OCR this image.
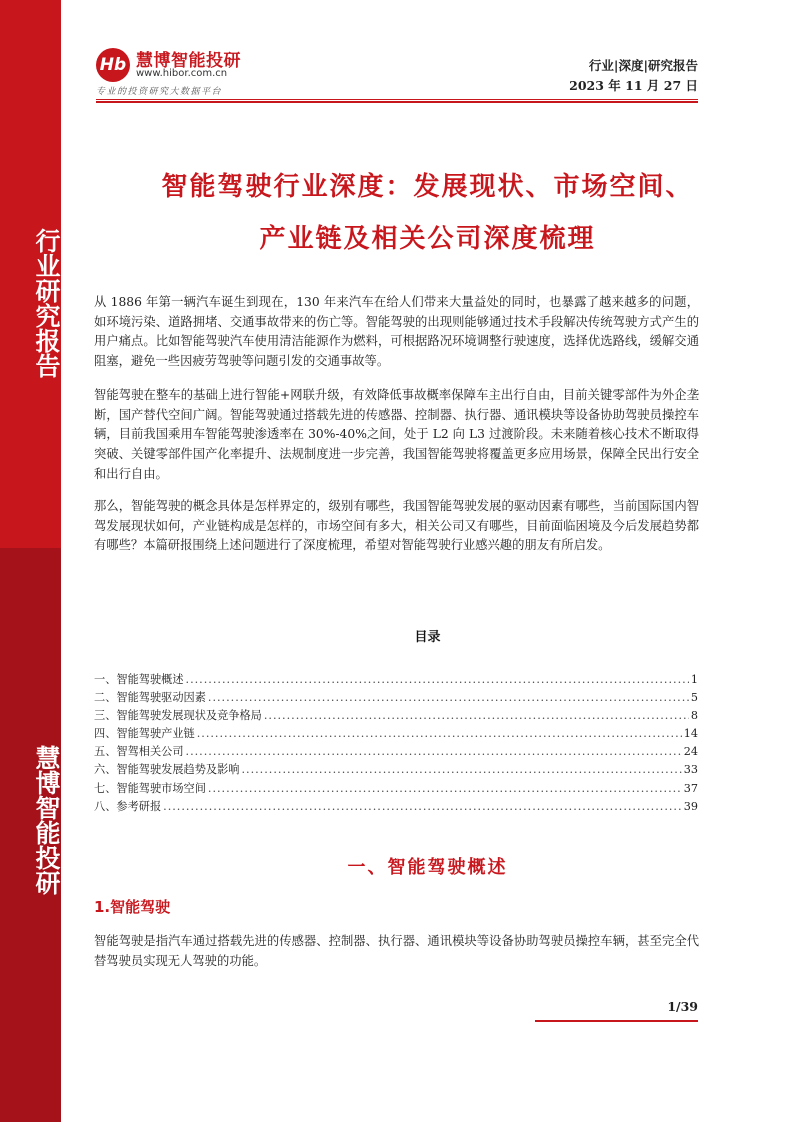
行业研究报告
慧博智能投研
Hb 慧博智能投研
www.hibor.com.cn
专业的投资研究大数据平台
行业|深度|研究报告
2023 年 11 月 27 日
智能驾驶行业深度：发展现状、市场空间、
产业链及相关公司深度梳理

从 1886 年第一辆汽车诞生到现在，130 年来汽车在给人们带来大量益处的同时，也暴露了越来越多的问题，如环境污染、道路拥堵、交通事故带来的伤亡等。智能驾驶的出现则能够通过技术手段解决传统驾驶方式产生的用户痛点。比如智能驾驶汽车使用清洁能源作为燃料，可根据路况环境调整行驶速度，选择优选路线，缓解交通阻塞，避免一些因疲劳驾驶等问题引发的交通事故等。

智能驾驶在整车的基础上进行智能+网联升级，有效降低事故概率保障车主出行自由，目前关键零部件为外企垄断，国产替代空间广阔。智能驾驶通过搭载先进的传感器、控制器、执行器、通讯模块等设备协助驾驶员操控车辆，目前我国乘用车智能驾驶渗透率在 30%-40%之间，处于 L2 向 L3 过渡阶段。未来随着核心技术不断取得突破、关键零部件国产化率提升、法规制度进一步完善，我国智能驾驶将覆盖更多应用场景，保障全民出行安全和出行自由。

那么，智能驾驶的概念具体是怎样界定的，级别有哪些，我国智能驾驶发展的驱动因素有哪些，当前国际国内智驾发展现状如何，产业链构成是怎样的，市场空间有多大，相关公司又有哪些，目前面临困境及今后发展趋势都有哪些？本篇研报围绕上述问题进行了深度梳理，希望对智能驾驶行业感兴趣的朋友有所启发。

目录
一、智能驾驶概述 .....	1
二、智能驾驶驱动因素 .....	5
三、智能驾驶发展现状及竞争格局 .....	8
四、智能驾驶产业链 .....	14
五、智驾相关公司 .....	24
六、智能驾驶发展趋势及影响 .....	33
七、智能驾驶市场空间 .....	37
八、参考研报 .....	39
一、智能驾驶概述
1.智能驾驶

智能驾驶是指汽车通过搭载先进的传感器、控制器、执行器、通讯模块等设备协助驾驶员操控车辆，甚至完全代替驾驶员实现无人驾驶的功能。

1/39
